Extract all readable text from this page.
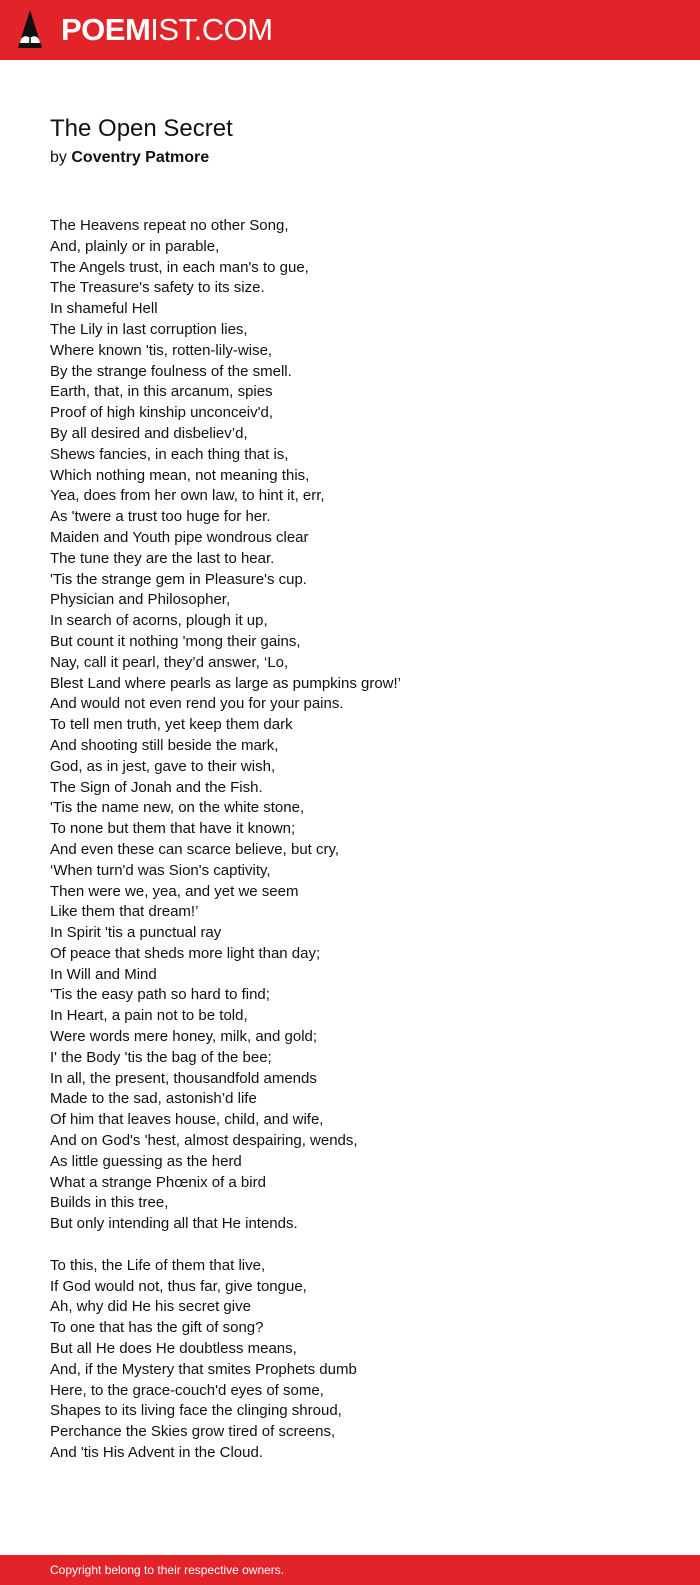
POEMIST.COM
The Open Secret
by Coventry Patmore
The Heavens repeat no other Song,
And, plainly or in parable,
The Angels trust, in each man's to gue,
The Treasure's safety to its size.
In shameful Hell
The Lily in last corruption lies,
Where known 'tis, rotten-lily-wise,
By the strange foulness of the smell.
Earth, that, in this arcanum, spies
Proof of high kinship unconceiv'd,
By all desired and disbeliev’d,
Shews fancies, in each thing that is,
Which nothing mean, not meaning this,
Yea, does from her own law, to hint it, err,
As 'twere a trust too huge for her.
Maiden and Youth pipe wondrous clear
The tune they are the last to hear.
'Tis the strange gem in Pleasure's cup.
Physician and Philosopher,
In search of acorns, plough it up,
But count it nothing 'mong their gains,
Nay, call it pearl, they’d answer, ‘Lo,
Blest Land where pearls as large as pumpkins grow!’
And would not even rend you for your pains.
To tell men truth, yet keep them dark
And shooting still beside the mark,
God, as in jest, gave to their wish,
The Sign of Jonah and the Fish.
'Tis the name new, on the white stone,
To none but them that have it known;
And even these can scarce believe, but cry,
‘When turn'd was Sion's captivity,
Then were we, yea, and yet we seem
Like them that dream!’
In Spirit 'tis a punctual ray
Of peace that sheds more light than day;
In Will and Mind
'Tis the easy path so hard to find;
In Heart, a pain not to be told,
Were words mere honey, milk, and gold;
I' the Body 'tis the bag of the bee;
In all, the present, thousandfold amends
Made to the sad, astonish’d life
Of him that leaves house, child, and wife,
And on God's 'hest, almost despairing, wends,
As little guessing as the herd
What a strange Phœnix of a bird
Builds in this tree,
But only intending all that He intends.
To this, the Life of them that live,
If God would not, thus far, give tongue,
Ah, why did He his secret give
To one that has the gift of song?
But all He does He doubtless means,
And, if the Mystery that smites Prophets dumb
Here, to the grace-couch'd eyes of some,
Shapes to its living face the clinging shroud,
Perchance the Skies grow tired of screens,
And 'tis His Advent in the Cloud.
Copyright belong to their respective owners.
